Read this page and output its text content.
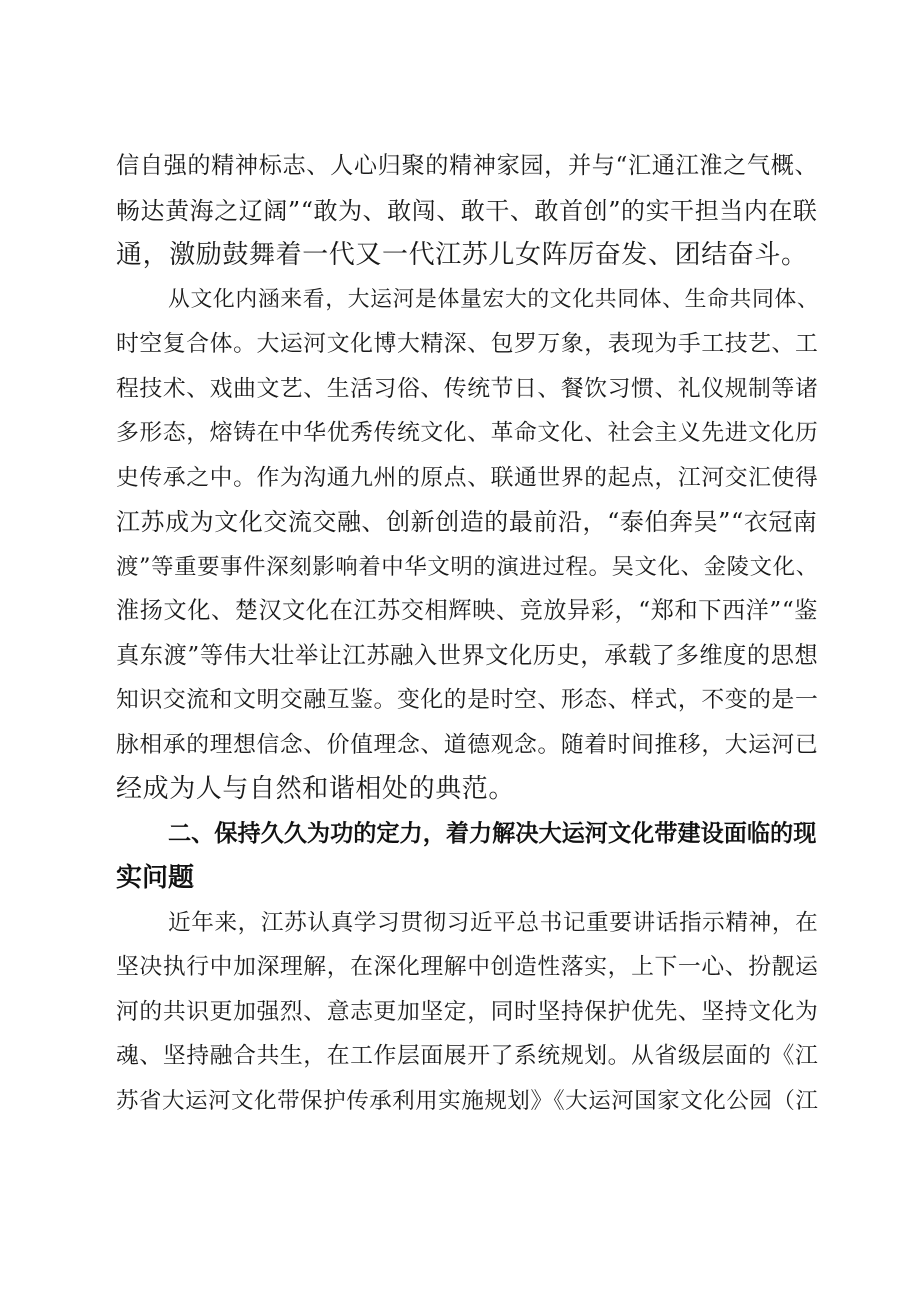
信自强的精神标志、人心归聚的精神家园，并与“汇通江淮之气概、
畅达黄海之辽阔”“敢为、敢闯、敢干、敢首创”的实干担当内在联
通，激励鼓舞着一代又一代江苏儿女阵厉奋发、团结奋斗。
从文化内涵来看，大运河是体量宏大的文化共同体、生命共同体、
时空复合体。大运河文化博大精深、包罗万象，表现为手工技艺、工
程技术、戏曲文艺、生活习俗、传统节日、餐饮习惯、礼仪规制等诸
多形态，熔铸在中华优秀传统文化、革命文化、社会主义先进文化历
史传承之中。作为沟通九州的原点、联通世界的起点，江河交汇使得
江苏成为文化交流交融、创新创造的最前沿，“泰伯奔吴”“衣冠南
渡”等重要事件深刻影响着中华文明的演进过程。吴文化、金陵文化、
淮扬文化、楚汉文化在江苏交相辉映、竞放异彩，“郑和下西洋”“鉴
真东渡”等伟大壮举让江苏融入世界文化历史，承载了多维度的思想
知识交流和文明交融互鉴。变化的是时空、形态、样式，不变的是一
脉相承的理想信念、价值理念、道德观念。随着时间推移，大运河已
经成为人与自然和谐相处的典范。
二、保持久久为功的定力，着力解决大运河文化带建设面临的现
实问题
近年来，江苏认真学习贯彻习近平总书记重要讲话指示精神，在
坚决执行中加深理解，在深化理解中创造性落实，上下一心、扮靓运
河的共识更加强烈、意志更加坚定，同时坚持保护优先、坚持文化为
魂、坚持融合共生，在工作层面展开了系统规划。从省级层面的《江
苏省大运河文化带保护传承利用实施规划》《大运河国家文化公园（江
